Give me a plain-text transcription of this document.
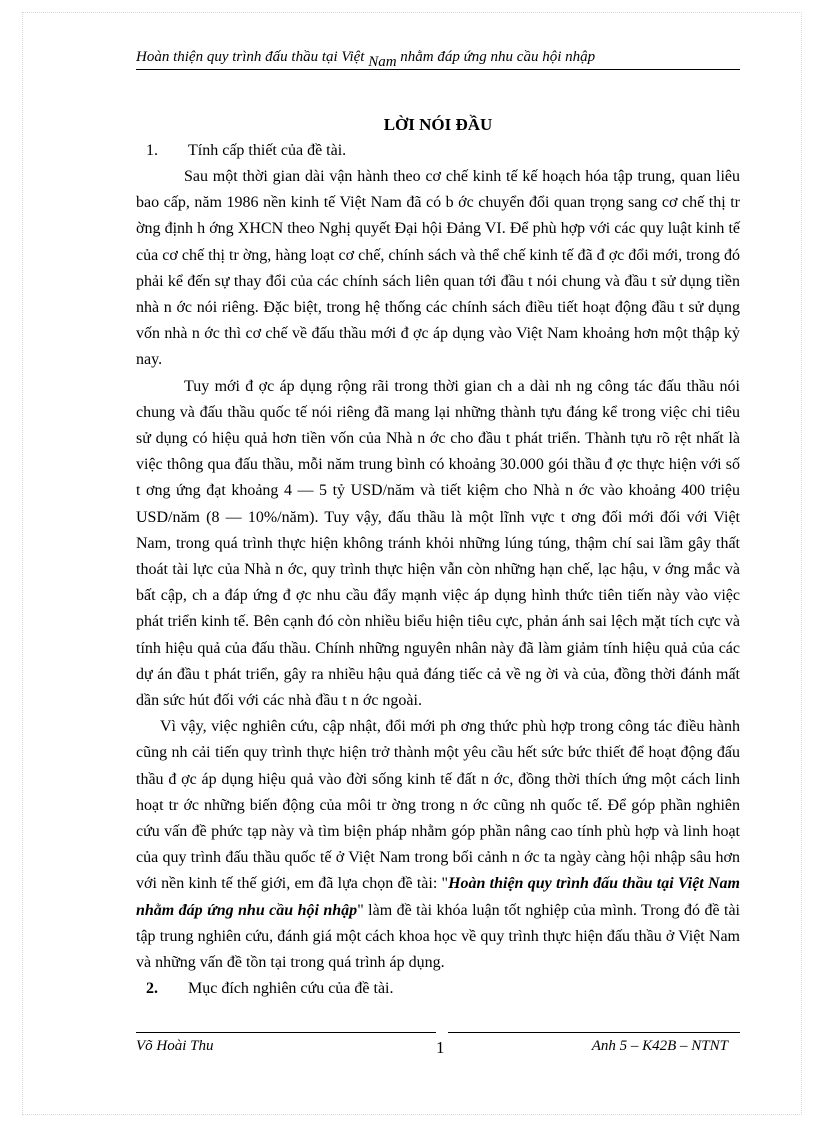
Hoàn thiện quy trình đấu thầu tại Việt Nam nhằm đáp ứng nhu cầu hội nhập
LỜI NÓI ĐẦU
1.	Tính cấp thiết của đề tài.

Sau một thời gian dài vận hành theo cơ chế kinh tế kế hoạch hóa tập trung, quan liêu bao cấp, năm 1986 nền kinh tế Việt Nam đã có b ớc chuyển đổi quan trọng sang cơ chế thị tr ờng định h ớng XHCN theo Nghị quyết Đại hội Đảng VI. Để phù hợp với các quy luật kinh tế của cơ chế thị tr ờng, hàng loạt cơ chế, chính sách và thể chế kinh tế đã đ ợc đổi mới, trong đó phải kể đến sự thay đổi của các chính sách liên quan tới đầu t nói chung và đầu t sử dụng tiền nhà n ớc nói riêng. Đặc biệt, trong hệ thống các chính sách điều tiết hoạt động đầu t sử dụng vốn nhà n ớc thì cơ chế về đấu thầu mới đ ợc áp dụng vào Việt Nam khoảng hơn một thập kỷ nay.

Tuy mới đ ợc áp dụng rộng rãi trong thời gian ch a dài nh ng công tác đấu thầu nói chung và đấu thầu quốc tế nói riêng đã mang lại những thành tựu đáng kể trong việc chi tiêu sử dụng có hiệu quả hơn tiền vốn của Nhà n ớc cho đầu t phát triển. Thành tựu rõ rệt nhất là việc thông qua đấu thầu, mỗi năm trung bình có khoảng 30.000 gói thầu đ ợc thực hiện với số t ơng ứng đạt khoảng 4 — 5 tỷ USD/năm và tiết kiệm cho Nhà n ớc vào khoảng 400 triệu USD/năm (8 — 10%/năm). Tuy vậy, đấu thầu là một lĩnh vực t ơng đối mới đối với Việt Nam, trong quá trình thực hiện không tránh khỏi những lúng túng, thậm chí sai lầm gây thất thoát tài lực của Nhà n ớc, quy trình thực hiện vẫn còn những hạn chế, lạc hậu, v ớng mắc và bất cập, ch a đáp ứng đ ợc nhu cầu đẩy mạnh việc áp dụng hình thức tiên tiến này vào việc phát triển kinh tế. Bên cạnh đó còn nhiều biểu hiện tiêu cực, phản ánh sai lệch mặt tích cực và tính hiệu quả của đấu thầu. Chính những nguyên nhân này đã làm giảm tính hiệu quả của các dự án đầu t phát triển, gây ra nhiều hậu quả đáng tiếc cả về ng ời và của, đồng thời đánh mất dần sức hút đối với các nhà đầu t n ớc ngoài.

Vì vậy, việc nghiên cứu, cập nhật, đổi mới ph ơng thức phù hợp trong công tác điều hành cũng nh cải tiến quy trình thực hiện trở thành một yêu cầu hết sức bức thiết để hoạt động đấu thầu đ ợc áp dụng hiệu quả vào đời sống kinh tế đất n ớc, đồng thời thích ứng một cách linh hoạt tr ớc những biến động của môi tr ờng trong n ớc cũng nh quốc tế. Để góp phần nghiên cứu vấn đề phức tạp này và tìm biện pháp nhằm góp phần nâng cao tính phù hợp và linh hoạt của quy trình đấu thầu quốc tế ở Việt Nam trong bối cảnh n ớc ta ngày càng hội nhập sâu hơn với nền kinh tế thế giới, em đã lựa chọn đề tài: "Hoàn thiện quy trình đấu thầu tại Việt Nam nhằm đáp ứng nhu cầu hội nhập" làm đề tài khóa luận tốt nghiệp của mình. Trong đó đề tài tập trung nghiên cứu, đánh giá một cách khoa học về quy trình thực hiện đấu thầu ở Việt Nam và những vấn đề tồn tại trong quá trình áp dụng.

2.	Mục đích nghiên cứu của đề tài.
Võ Hoài Thu	1	Anh 5 – K42B – NTNT
